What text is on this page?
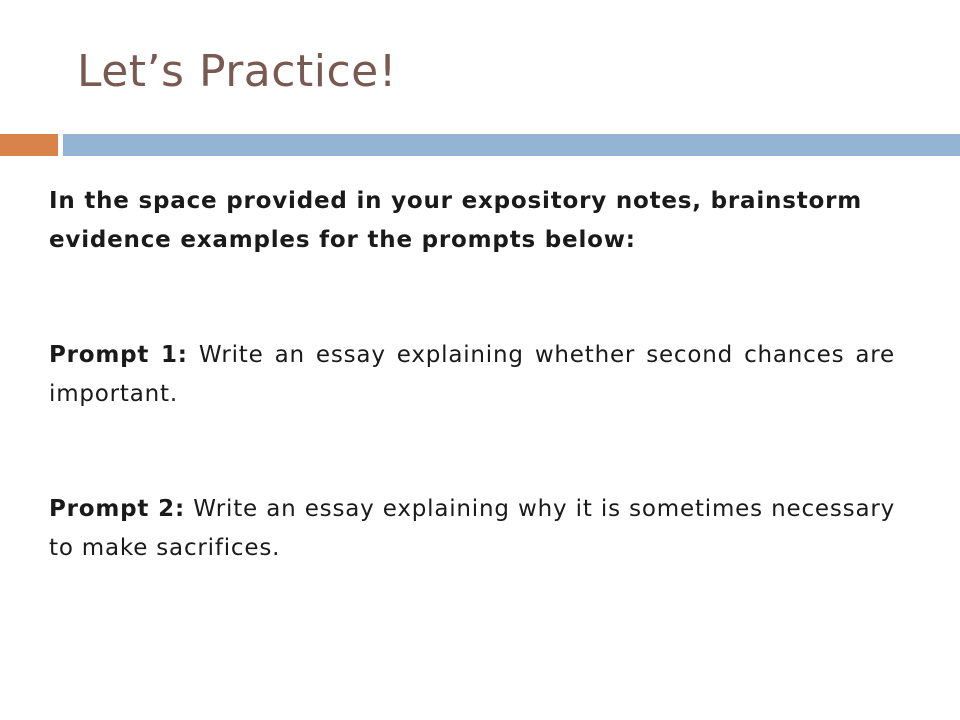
Let’s Practice!

In the space provided in your expository notes, brainstorm evidence examples for the prompts below:

Prompt 1: Write an essay explaining whether second chances are important.

Prompt 2: Write an essay explaining why it is sometimes necessary to make sacrifices.
